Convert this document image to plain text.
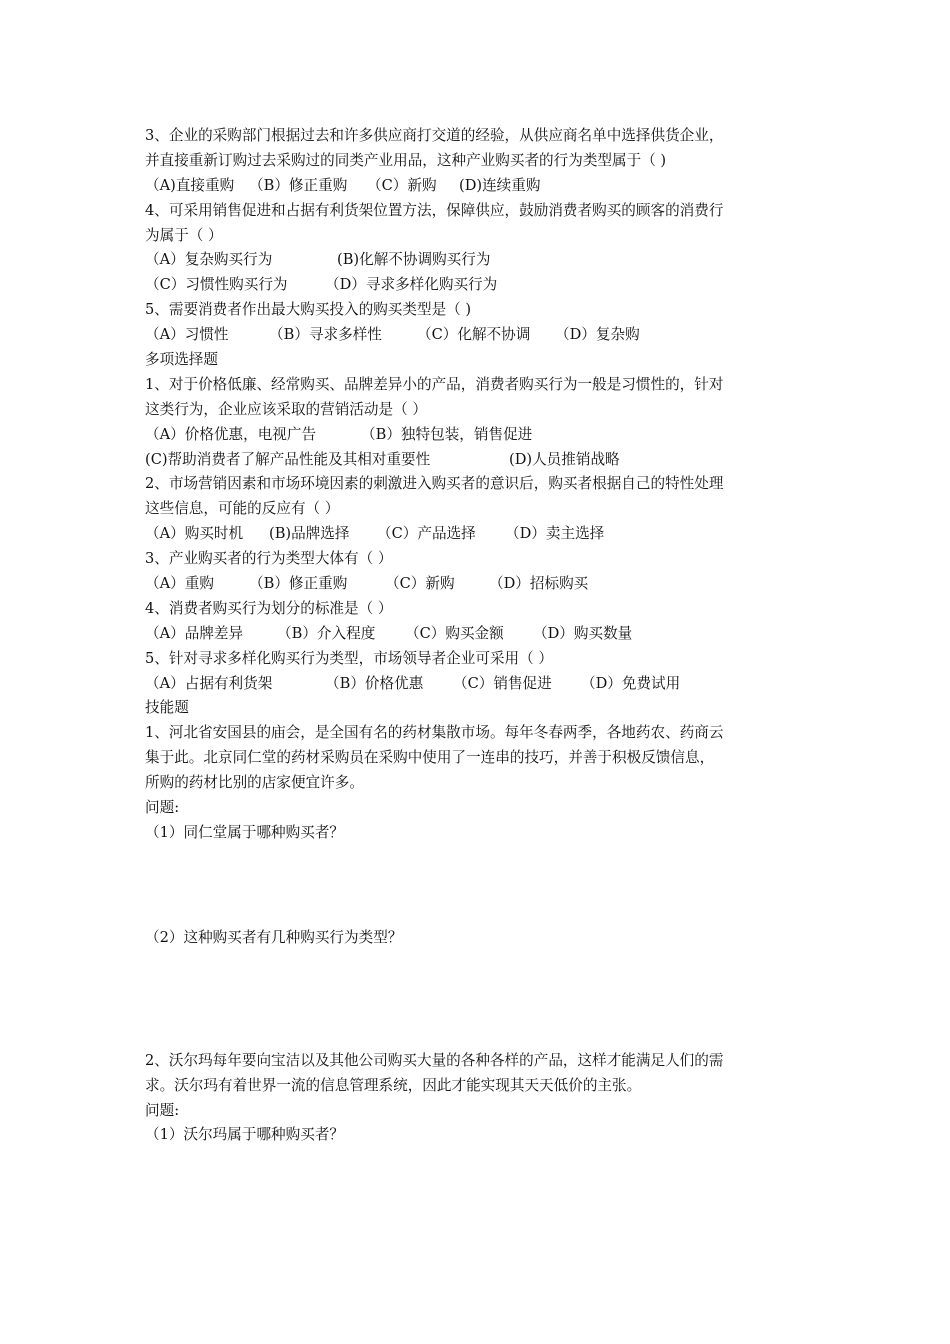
3、企业的采购部门根据过去和许多供应商打交道的经验，从供应商名单中选择供货企业，
并直接重新订购过去采购过的同类产业用品，这种产业购买者的行为类型属于（ )
（A)直接重购 （B）修正重购 （C）新购 (D)连续重购
4、可采用销售促进和占据有利货架位置方法，保障供应，鼓励消费者购买的顾客的消费行
为属于（ ）
（A）复杂购买行为	(B)化解不协调购买行为
（C）习惯性购买行为	（D）寻求多样化购买行为
5、需要消费者作出最大购买投入的购买类型是（ )
（A）习惯性	（B）寻求多样性 （C）化解不协调 （D）复杂购
多项选择题
1、对于价格低廉、经常购买、品牌差异小的产品，消费者购买行为一般是习惯性的，针对
这类行为，企业应该采取的营销活动是（ ）
（A）价格优惠，电视广告	（B）独特包装，销售促进
(C)帮助消费者了解产品性能及其相对重要性	(D)人员推销战略
2、市场营销因素和市场环境因素的刺激进入购买者的意识后，购买者根据自己的特性处理
这些信息，可能的反应有（ ）
（A）购买时机 (B)品牌选择 （C）产品选择 （D）卖主选择
3、产业购买者的行为类型大体有（ ）
（A）重购 （B）修正重购	（C）新购 （D）招标购买
4、消费者购买行为划分的标准是（ ）
（A）品牌差异 （B）介入程度 （C）购买金额 （D）购买数量
5、针对寻求多样化购买行为类型，市场领导者企业可采用（ ）
（A）占据有利货架	（B）价格优惠 （C）销售促进 （D）免费试用
技能题
1、河北省安国县的庙会，是全国有名的药材集散市场。每年冬春两季，各地药农、药商云
集于此。北京同仁堂的药材采购员在采购中使用了一连串的技巧，并善于积极反馈信息，
所购的药材比别的店家便宜许多。
问题:
（1）同仁堂属于哪种购买者？
（2）这种购买者有几种购买行为类型？
2、沃尔玛每年要向宝洁以及其他公司购买大量的各种各样的产品，这样才能满足人们的需
求。沃尔玛有着世界一流的信息管理系统，因此才能实现其天天低价的主张。
问题:
（1）沃尔玛属于哪种购买者？
